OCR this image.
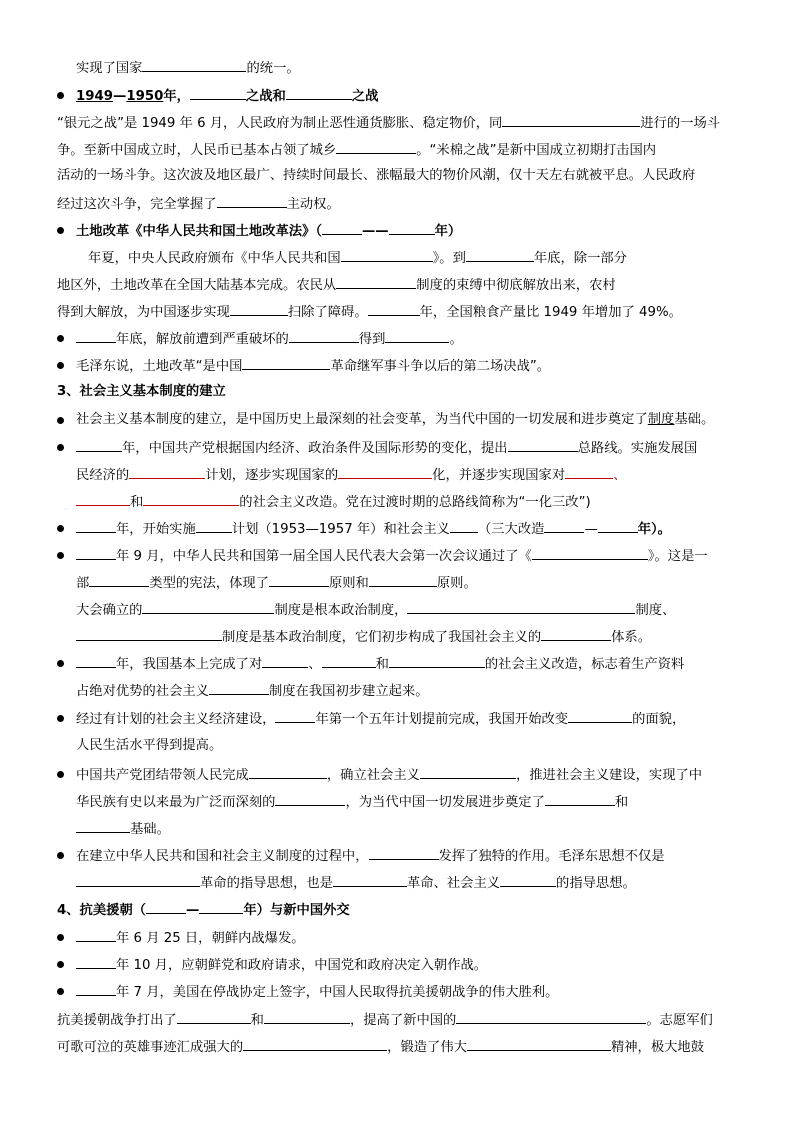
实现了国家	的统一。
1949—1950年，	之战和	之战
“银元之战”是 1949 年 6 月，人民政府为制止恶性通货膨胀、稳定物价，同	进行的一场斗
争。至新中国成立时，人民币已基本占领了城乡	。“米棉之战”是新中国成立初期打击国内
活动的一场斗争。这次波及地区最广、持续时间最长、涨幅最大的物价风潮，仅十天左右就被平息。人民政府
经过这次斗争，完全掌握了	主动权。
土地改革《中华人民共和国土地改革法》（	——	年）
年夏，中央人民政府颁布《中华人民共和国	》。到	年底，除一部分
地区外，土地改革在全国大陆基本完成。农民从	制度的束缚中彻底解放出来，农村
得到大解放，为中国逐步实现	扫除了障碍。	年，全国粮食产量比 1949 年增加了 49%。
年底，解放前遭到严重破坏的	得到	。
毛泽东说，土地改革“是中国	革命继军事斗争以后的第二场决战”。
3、社会主义基本制度的建立
社会主义基本制度的建立，是中国历史上最深刻的社会变革，为当代中国的一切发展和进步奠定了制度基础。
年，中国共产党根据国内经济、政治条件及国际形势的变化，提出	总路线。实施发展国
民经济的	计划，逐步实现国家的	化，并逐步实现国家对	、
和	的社会主义改造。党在过渡时期的总路线简称为“一化三改”)
年，开始实施	计划（1953—1957 年）和社会主义 （三大改造	—	年）。
年 9 月，中华人民共和国第一届全国人民代表大会第一次会议通过了《	》。这是一
部	类型的宪法，体现了	原则和	原则。
大会确立的	制度是根本政治制度，	制度、
制度是基本政治制度，它们初步构成了我国社会主义的	体系。
年，我国基本上完成了对	、	和	的社会主义改造，标志着生产资料
占绝对优势的社会主义	制度在我国初步建立起来。
经过有计划的社会主义经济建设，	年第一个五年计划提前完成，我国开始改变	的面貌，
人民生活水平得到提高。
中国共产党团结带领人民完成	，确立社会主义	，推进社会主义建设，实现了中
华民族有史以来最为广泛而深刻的	，为当代中国一切发展进步奠定了	和
基础。
在建立中华人民共和国和社会主义制度的过程中，	发挥了独特的作用。毛泽东思想不仅是
革命的指导思想，也是	革命、社会主义	的指导思想。
4、抗美援朝（	—	年）与新中国外交
年 6 月 25 日，朝鲜内战爆发。
年 10 月，应朝鲜党和政府请求，中国党和政府决定入朝作战。
年 7 月，美国在停战协定上签字，中国人民取得抗美援朝战争的伟大胜利。
抗美援朝战争打出了	和	，提高了新中国的	。志愿军们
可歌可泣的英雄事迹汇成强大的	，锻造了伟大	精神，极大地鼓
